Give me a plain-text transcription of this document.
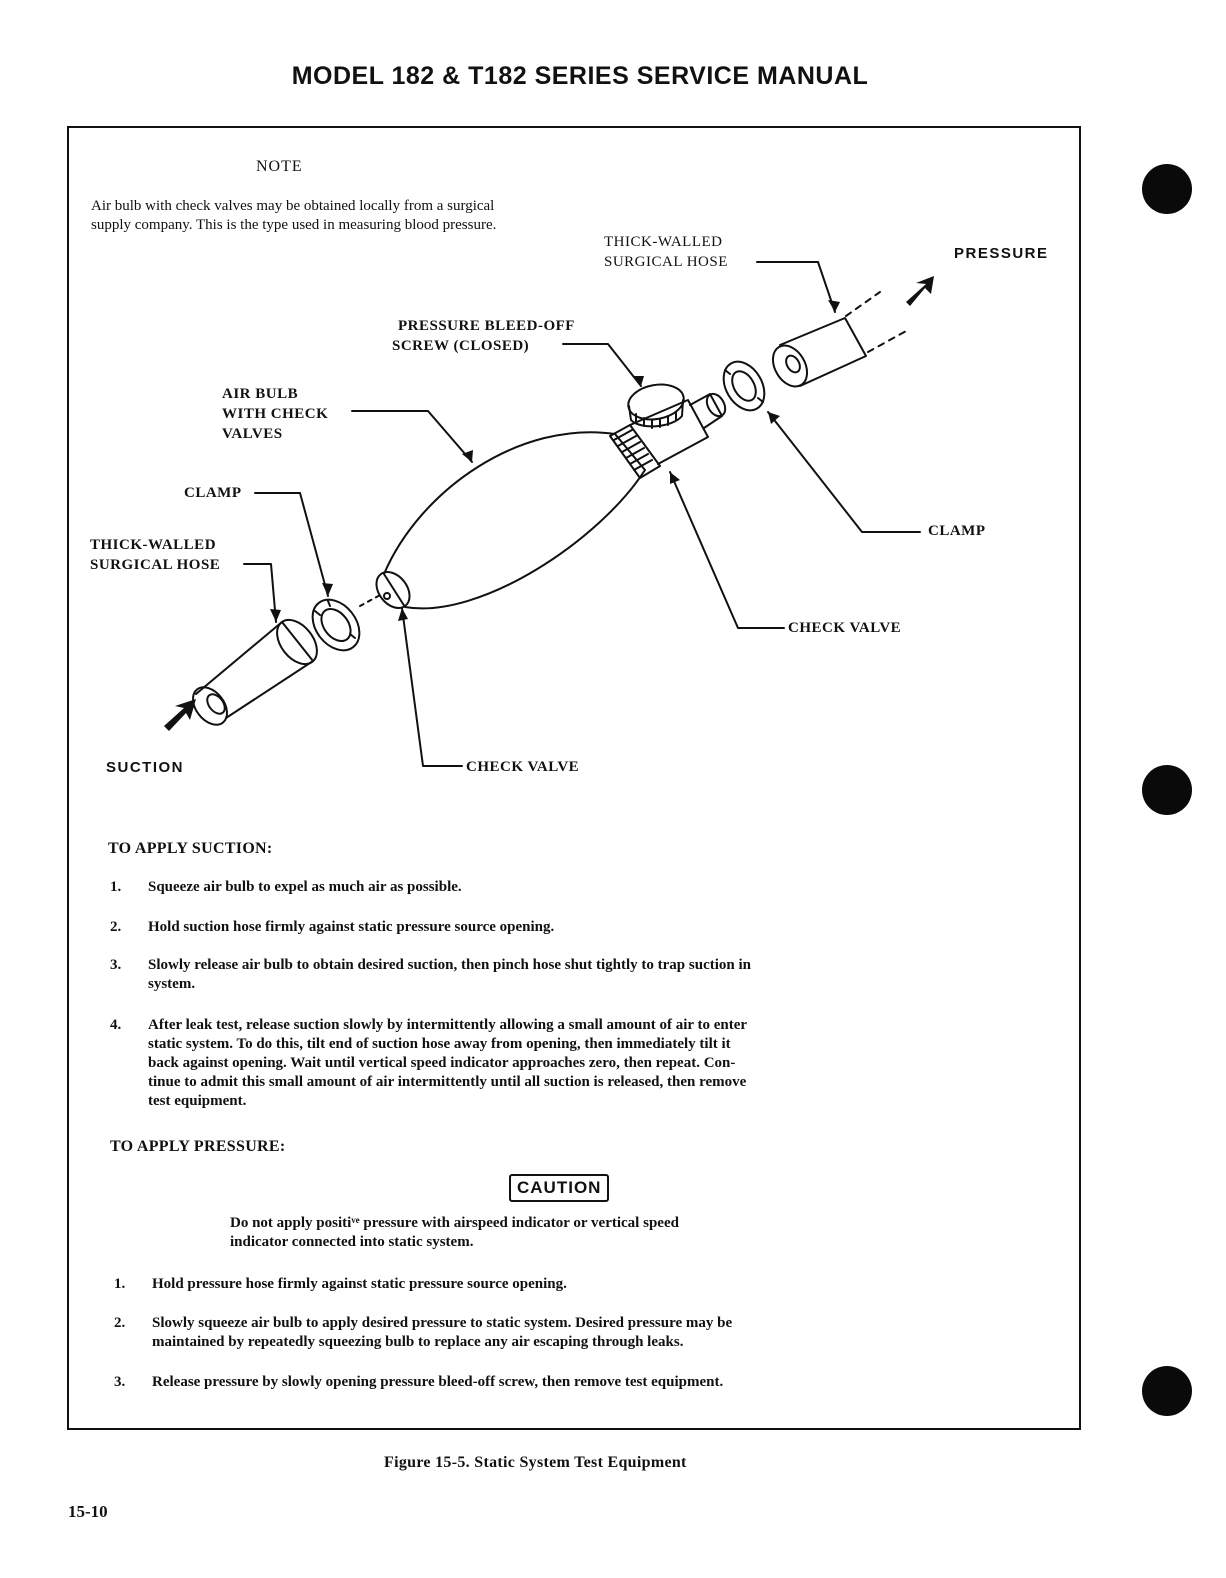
MODEL 182 & T182 SERIES SERVICE MANUAL
NOTE
Air bulb with check valves may be obtained locally from a surgical supply company. This is the type used in measuring blood pressure.
THICK-WALLED
SURGICAL HOSE	PRESSURE
PRESSURE BLEED-OFF
SCREW (CLOSED)
AIR BULB
WITH CHECK
VALVES
CLAMP
THICK-WALLED
SURGICAL HOSE
CLAMP
CHECK VALVE
CHECK VALVE
SUCTION
TO APPLY SUCTION:
1.	Squeeze air bulb to expel as much air as possible.
2.	Hold suction hose firmly against static pressure source opening.
3.	Slowly release air bulb to obtain desired suction, then pinch hose shut tightly to trap suction in
system.
4.	After leak test, release suction slowly by intermittently allowing a small amount of air to enter
static system. To do this, tilt end of suction hose away from opening, then immediately tilt it
back against opening. Wait until vertical speed indicator approaches zero, then repeat. Con-
tinue to admit this small amount of air intermittently until all suction is released, then remove
test equipment.
TO APPLY PRESSURE:
CAUTION
Do not apply positiᵛᵉ pressure with airspeed indicator or vertical speed
indicator connected into static system.
1.	Hold pressure hose firmly against static pressure source opening.
2.	Slowly squeeze air bulb to apply desired pressure to static system. Desired pressure may be
maintained by repeatedly squeezing bulb to replace any air escaping through leaks.
3.	Release pressure by slowly opening pressure bleed-off screw, then remove test equipment.
Figure 15-5. Static System Test Equipment
15-10
